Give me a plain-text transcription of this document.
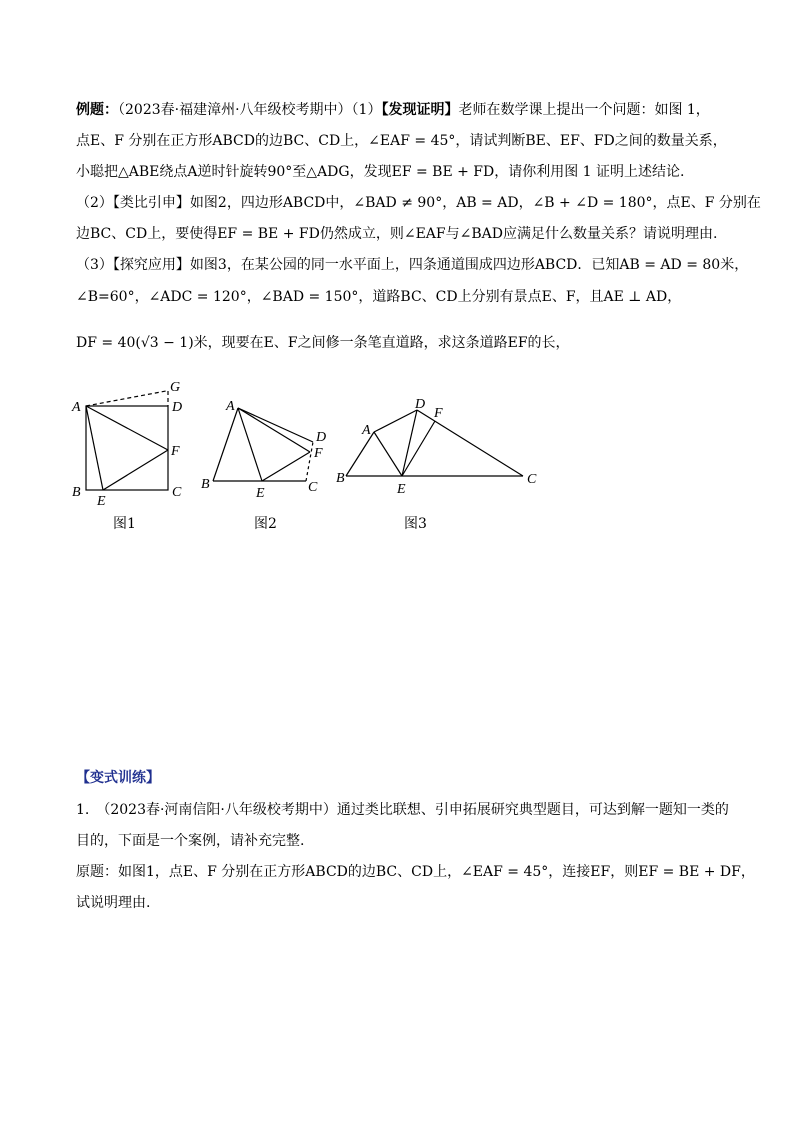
例题：（2023春·福建漳州·八年级校考期中）（1）【发现证明】老师在数学课上提出一个问题：如图 1，
点E、F 分别在正方形ABCD的边BC、CD上，∠EAF = 45°，请试判断BE、EF、FD之间的数量关系，
小聪把△ABE绕点A逆时针旋转90°至△ADG，发现EF = BE + FD，请你利用图 1 证明上述结论.
（2）【类比引申】如图2，四边形ABCD中，∠BAD ≠ 90°，AB = AD，∠B + ∠D = 180°，点E、F 分别在
边BC、CD上，要使得EF = BE + FD仍然成立，则∠EAF与∠BAD应满足什么数量关系？请说明理由.
（3）【探究应用】如图3，在某公园的同一水平面上，四条通道围成四边形ABCD．已知AB = AD = 80米，
∠B=60°，∠ADC = 120°，∠BAD = 150°，道路BC、CD上分别有景点E、F，且AE ⊥ AD，
DF = 40(√3 − 1)米，现要在E、F之间修一条笔直道路，求这条道路EF的长，
A	D
G
F
B
E
C
A
D
F
B
E	C
A
D
F
B
E
C
图1	图2	图3
【变式训练】
1.　（2023春·河南信阳·八年级校考期中）通过类比联想、引申拓展研究典型题目，可达到解一题知一类的
目的，下面是一个案例，请补充完整.
原题：如图1，点E、F 分别在正方形ABCD的边BC、CD上，∠EAF = 45°，连接EF，则EF = BE + DF，
试说明理由.
